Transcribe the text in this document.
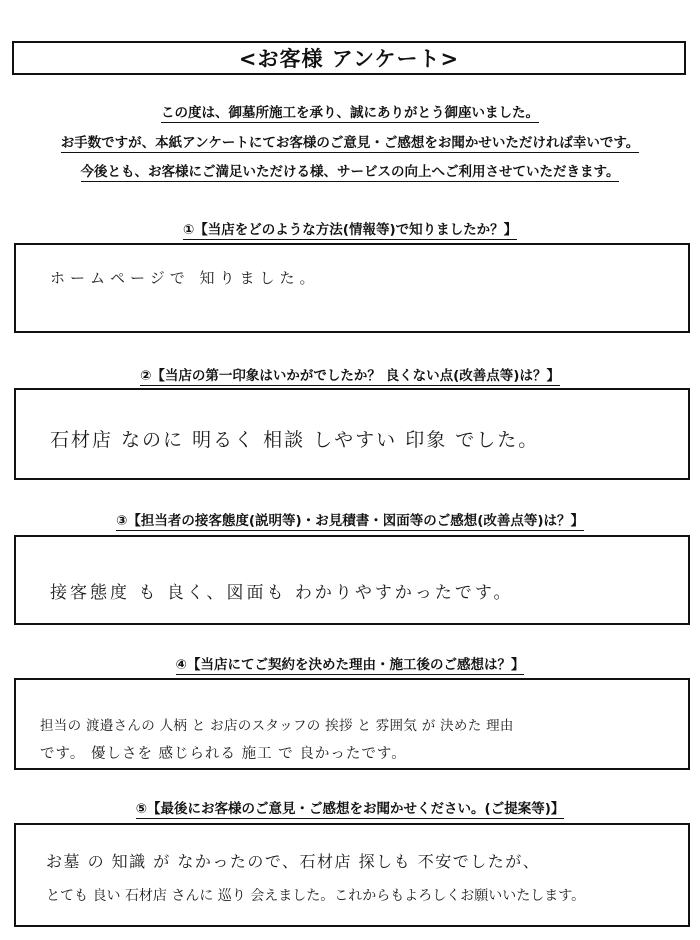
<お客様 アンケート>
この度は、御墓所施工を承り、誠にありがとう御座いました。
お手数ですが、本紙アンケートにてお客様のご意見・ご感想をお聞かせいただければ幸いです。
今後とも、お客様にご満足いただける様、サービスの向上へご利用させていただきます。
①【当店をどのような方法(情報等)で知りましたか？】
ホームページで 知りました。
②【当店の第一印象はいかがでしたか？ 良くない点(改善点等)は？】
石材店 なのに 明るく 相談 しやすい 印象 でした。
③【担当者の接客態度(説明等)・お見積書・図面等のご感想(改善点等)は？】
接客態度 も 良く、図面も わかりやすかったです。
④【当店にてご契約を決めた理由・施工後のご感想は？】
担当の 渡邉さんの 人柄 と お店のスタッフの 挨拶 と 雰囲気 が 決めた 理由
です。 優しさを 感じられる 施工 で 良かったです。
⑤【最後にお客様のご意見・ご感想をお聞かせください。(ご提案等)】
お墓 の 知識 が なかったので、石材店 探しも 不安でしたが、
とても 良い 石材店 さんに 巡り 会えました。これからもよろしくお願いいたします。
